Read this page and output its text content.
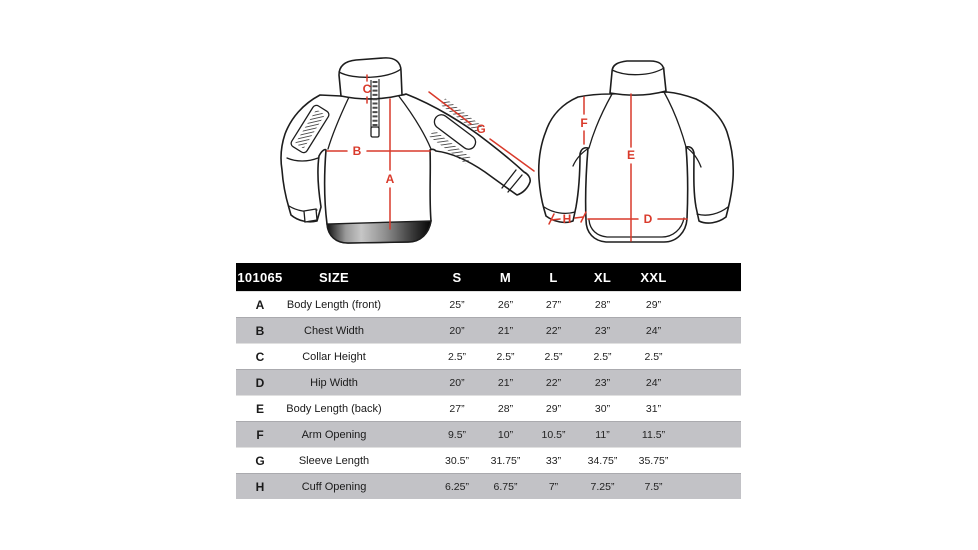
C
B
A
G	F
E
D
H
101065	SIZE	S	M	L	XL	XXL
A	Body Length (front)	25”	26”	27”	28”	29”
B	Chest Width	20”	21”	22”	23”	24”
C	Collar Height	2.5”	2.5”	2.5”	2.5”	2.5”
D	Hip Width	20”	21”	22”	23”	24”
E	Body Length (back)	27”	28”	29”	30”	31”
F	Arm Opening	9.5”	10”	10.5”	11”	11.5”
G	Sleeve Length	30.5”	31.75”	33”	34.75”	35.75”
H	Cuff Opening	6.25”	6.75”	7”	7.25”	7.5”
